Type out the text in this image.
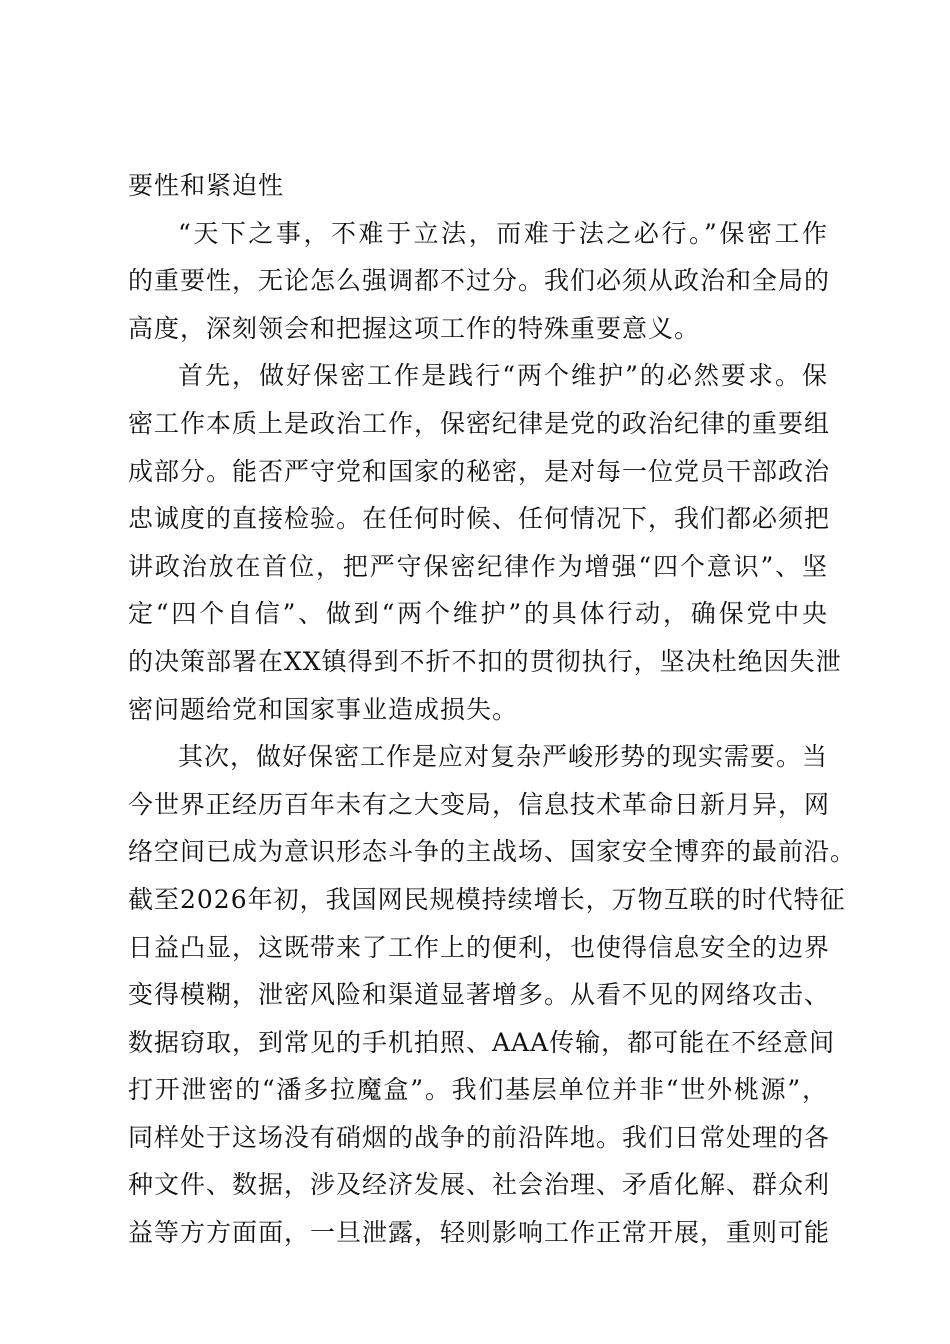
要性和紧迫性
“天下之事，不难于立法，而难于法之必行。”保密工作
的重要性，无论怎么强调都不过分。我们必须从政治和全局的
高度，深刻领会和把握这项工作的特殊重要意义。
首先，做好保密工作是践行“两个维护”的必然要求。保
密工作本质上是政治工作，保密纪律是党的政治纪律的重要组
成部分。能否严守党和国家的秘密，是对每一位党员干部政治
忠诚度的直接检验。在任何时候、任何情况下，我们都必须把
讲政治放在首位，把严守保密纪律作为增强“四个意识”、坚
定“四个自信”、做到“两个维护”的具体行动，确保党中央
的决策部署在XX镇得到不折不扣的贯彻执行，坚决杜绝因失泄
密问题给党和国家事业造成损失。
其次，做好保密工作是应对复杂严峻形势的现实需要。当
今世界正经历百年未有之大变局，信息技术革命日新月异，网
络空间已成为意识形态斗争的主战场、国家安全博弈的最前沿。
截至2026年初，我国网民规模持续增长，万物互联的时代特征
日益凸显，这既带来了工作上的便利，也使得信息安全的边界
变得模糊，泄密风险和渠道显著增多。从看不见的网络攻击、
数据窃取，到常见的手机拍照、AAA传输，都可能在不经意间
打开泄密的“潘多拉魔盒”。我们基层单位并非“世外桃源”，
同样处于这场没有硝烟的战争的前沿阵地。我们日常处理的各
种文件、数据，涉及经济发展、社会治理、矛盾化解、群众利
益等方方面面，一旦泄露，轻则影响工作正常开展，重则可能
